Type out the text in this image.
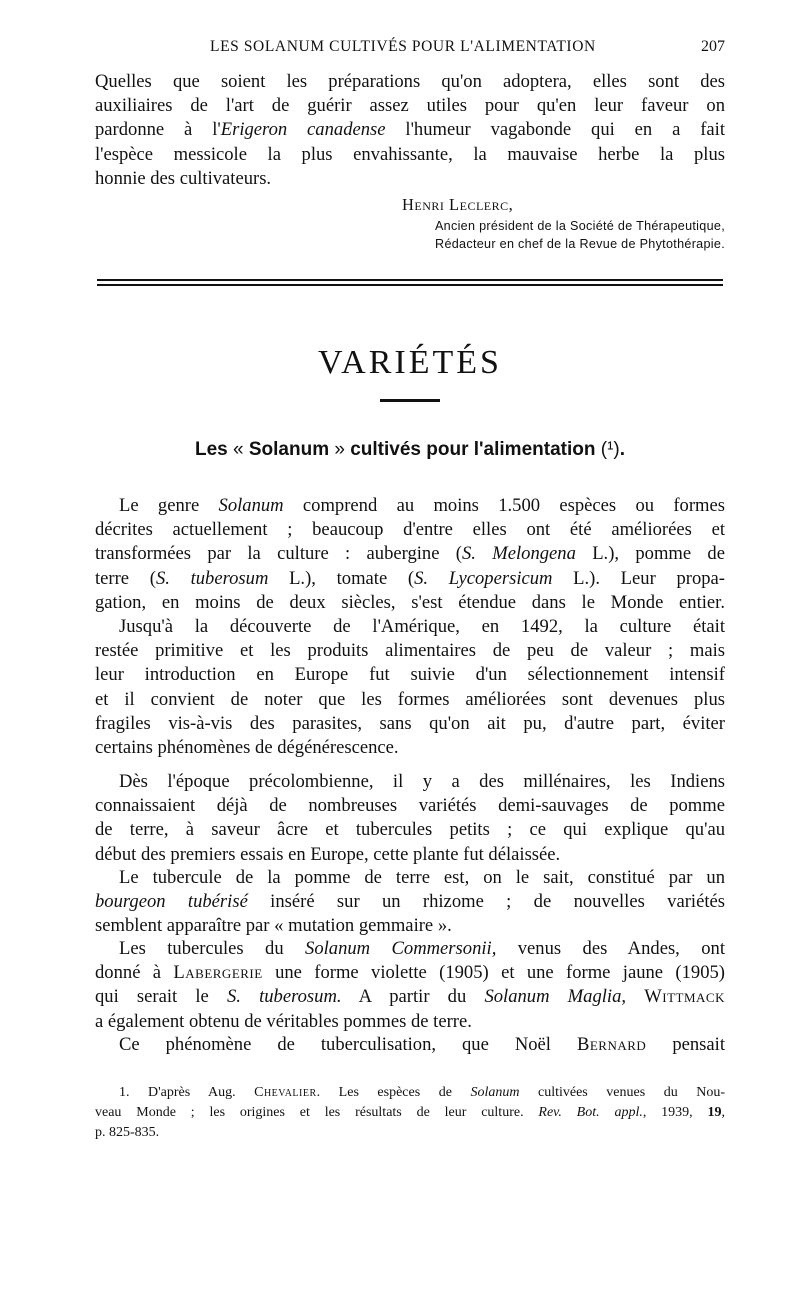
LES SOLANUM CULTIVÉS POUR L'ALIMENTATION	207
Quelles que soient les préparations qu'on adoptera, elles sont des
auxiliaires de l'art de guérir assez utiles pour qu'en leur faveur on
pardonne à l'Erigeron canadense l'humeur vagabonde qui en a fait
l'espèce messicole la plus envahissante, la mauvaise herbe la plus
honnie des cultivateurs.
Henri Leclerc,
Ancien président de la Société de Thérapeutique,
Rédacteur en chef de la Revue de Phytothérapie.
VARIÉTÉS
Les « Solanum » cultivés pour l'alimentation (¹).
Le genre Solanum comprend au moins 1.500 espèces ou formes
décrites actuellement ; beaucoup d'entre elles ont été améliorées et
transformées par la culture : aubergine (S. Melongena L.), pomme de
terre (S. tuberosum L.), tomate (S. Lycopersicum L.). Leur propa-
gation, en moins de deux siècles, s'est étendue dans le Monde entier.
Jusqu'à la découverte de l'Amérique, en 1492, la culture était
restée primitive et les produits alimentaires de peu de valeur ; mais
leur introduction en Europe fut suivie d'un sélectionnement intensif
et il convient de noter que les formes améliorées sont devenues plus
fragiles vis-à-vis des parasites, sans qu'on ait pu, d'autre part, éviter
certains phénomènes de dégénérescence.
Dès l'époque précolombienne, il y a des millénaires, les Indiens
connaissaient déjà de nombreuses variétés demi-sauvages de pomme
de terre, à saveur âcre et tubercules petits ; ce qui explique qu'au
début des premiers essais en Europe, cette plante fut délaissée.
Le tubercule de la pomme de terre est, on le sait, constitué par un
bourgeon tubérisé inséré sur un rhizome ; de nouvelles variétés
semblent apparaître par « mutation gemmaire ».
Les tubercules du Solanum Commersonii, venus des Andes, ont
donné à Labergerie une forme violette (1905) et une forme jaune (1905)
qui serait le S. tuberosum. A partir du Solanum Maglia, Wittmack
a également obtenu de véritables pommes de terre.
Ce phénomène de tuberculisation, que Noël Bernard pensait
1. D'après Aug. Chevalier. Les espèces de Solanum cultivées venues du Nou-
veau Monde ; les origines et les résultats de leur culture. Rev. Bot. appl., 1939, 19,
p. 825-835.
